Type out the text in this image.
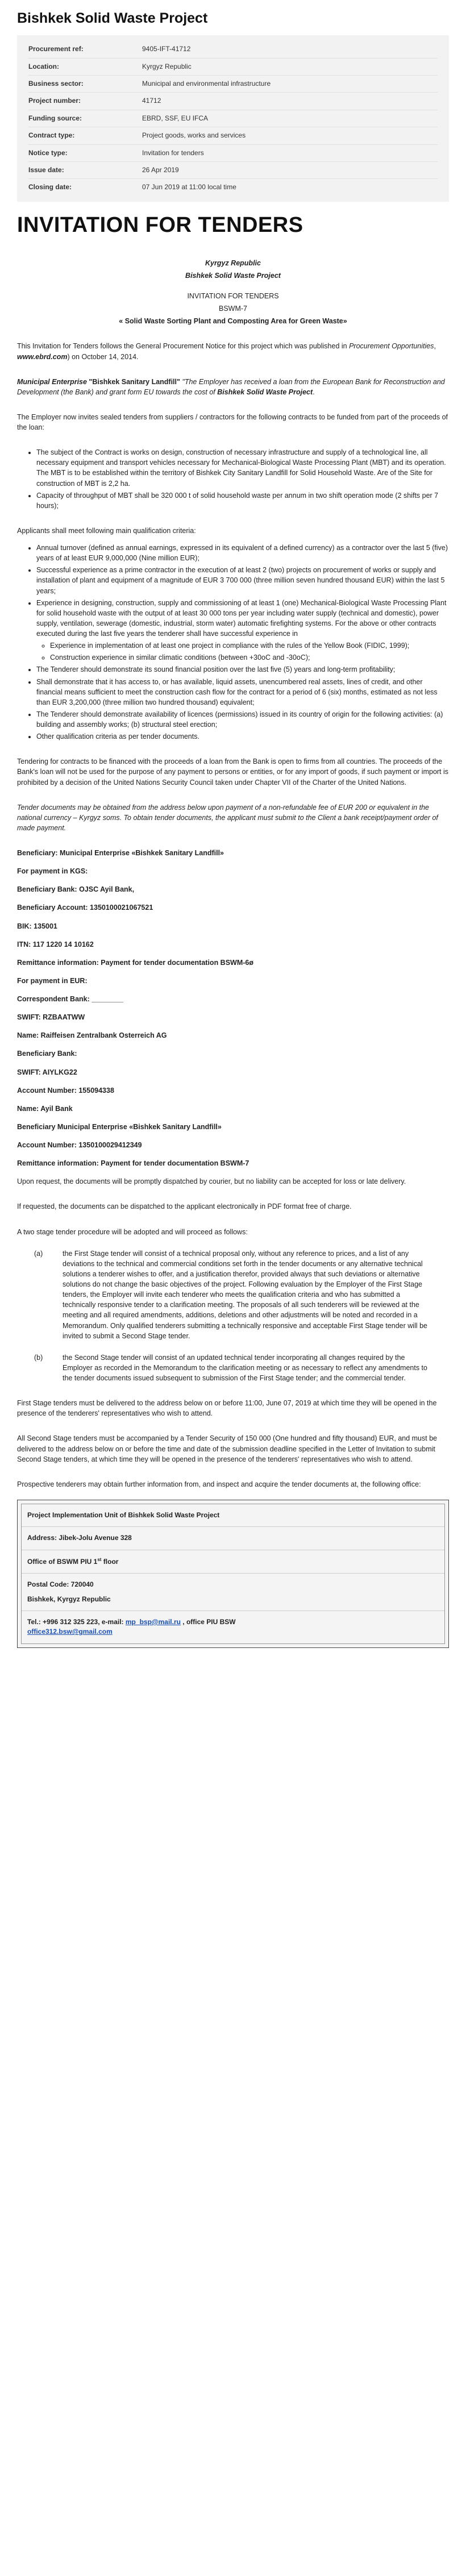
Bishkek Solid Waste Project
Procurement ref:	9405-IFT-41712
Location:	Kyrgyz Republic
Business sector:	Municipal and environmental infrastructure
Project number:	41712
Funding source:	EBRD, SSF, EU IFCA
Contract type:	Project goods, works and services
Notice type:	Invitation for tenders
Issue date:	26 Apr 2019
Closing date:	07 Jun 2019 at 11:00 local time
INVITATION FOR TENDERS

Kyrgyz Republic

Bishkek Solid Waste Project

INVITATION FOR TENDERS

BSWM-7

« Solid Waste Sorting Plant and Composting Area for Green Waste»

This Invitation for Tenders follows the General Procurement Notice for this project which was published in Procurement Opportunities, www.ebrd.com) on October 14, 2014.

Municipal Enterprise "Bishkek Sanitary Landfill" "The Employer has received a loan from the European Bank for Reconstruction and Development (the Bank) and grant form EU towards the cost of Bishkek Solid Waste Project.

The Employer now invites sealed tenders from suppliers / contractors for the following contracts to be funded from part of the proceeds of the loan:

• The subject of the Contract is works on design, construction of necessary infrastructure and supply of a technological line, all necessary equipment and transport vehicles necessary for Mechanical-Biological Waste Processing Plant (MBT) and its operation. The MBT is to be established within the territory of Bishkek City Sanitary Landfill for Solid Household Waste. Are of the Site for construction of MBT is 2,2 ha.
• Capacity of throughput of MBT shall be 320 000 t of solid household waste per annum in two shift operation mode (2 shifts per 7 hours);

Applicants shall meet following main qualification criteria:

• Annual turnover (defined as annual earnings, expressed in its equivalent of a defined currency) as a contractor over the last 5 (five) years of at least EUR 9,000,000 (Nine million EUR);
• Successful experience as a prime contractor in the execution of at least 2 (two) projects on procurement of works or supply and installation of plant and equipment of a magnitude of EUR 3 700 000 (three million seven hundred thousand EUR) within the last 5 years;
• Experience in designing, construction, supply and commissioning of at least 1 (one) Mechanical-Biological Waste Processing Plant for solid household waste with the output of at least 30 000 tons per year including water supply (technical and domestic), power supply, ventilation, sewerage (domestic, industrial, storm water) automatic firefighting systems. For the above or other contracts executed during the last five years the tenderer shall have successful experience in
◦ Experience in implementation of at least one project in compliance with the rules of the Yellow Book (FIDIC, 1999);
◦ Construction experience in similar climatic conditions (between +30oC and -30oC);
• The Tenderer should demonstrate its sound financial position over the last five (5) years and long-term profitability;
• Shall demonstrate that it has access to, or has available, liquid assets, unencumbered real assets, lines of credit, and other financial means sufficient to meet the construction cash flow for the contract for a period of 6 (six) months, estimated as not less than EUR 3,200,000 (three million two hundred thousand) equivalent;
• The Tenderer should demonstrate availability of licences (permissions) issued in its country of origin for the following activities: (a) building and assembly works; (b) structural steel erection;
• Other qualification criteria as per tender documents.

Tendering for contracts to be financed with the proceeds of a loan from the Bank is open to firms from all countries. The proceeds of the Bank's loan will not be used for the purpose of any payment to persons or entities, or for any import of goods, if such payment or import is prohibited by a decision of the United Nations Security Council taken under Chapter VII of the Charter of the United Nations.

Tender documents may be obtained from the address below upon payment of a non-refundable fee of EUR 200 or equivalent in the national currency – Kyrgyz soms. To obtain tender documents, the applicant must submit to the Client a bank receipt/payment order of made payment.

Beneficiary: Municipal Enterprise «Bishkek Sanitary Landfill»

For payment in KGS:

Beneficiary Bank: OJSC Ayil Bank,

Beneficiary Account: 1350100021067521

BIK: 135001

ITN: 117 1220 14 10162

Remittance information: Payment for tender documentation BSWM-6ø

For payment in EUR:

Correspondent Bank: ________

SWIFT: RZBAATWW

Name: Raiffeisen Zentralbank Osterreich AG

Beneficiary Bank:

SWIFT: AIYLKG22

Account Number: 155094338

Name: Ayil Bank

Beneficiary Municipal Enterprise «Bishkek Sanitary Landfill»

Account Number: 1350100029412349

Remittance information: Payment for tender documentation BSWM-7

Upon request, the documents will be promptly dispatched by courier, but no liability can be accepted for loss or late delivery.

If requested, the documents can be dispatched to the applicant electronically in PDF format free of charge.

A two stage tender procedure will be adopted and will proceed as follows:

(a)	the First Stage tender will consist of a technical proposal only, without any reference to prices, and a list of any deviations to the technical and commercial conditions set forth in the tender documents or any alternative technical solutions a tenderer wishes to offer, and a justification therefor, provided always that such deviations or alternative solutions do not change the basic objectives of the project. Following evaluation by the Employer of the First Stage tenders, the Employer will invite each tenderer who meets the qualification criteria and who has submitted a technically responsive tender to a clarification meeting. The proposals of all such tenderers will be reviewed at the meeting and all required amendments, additions, deletions and other adjustments will be noted and recorded in a Memorandum. Only qualified tenderers submitting a technically responsive and acceptable First Stage tender will be invited to submit a Second Stage tender.
(b)	the Second Stage tender will consist of an updated technical tender incorporating all changes required by the Employer as recorded in the Memorandum to the clarification meeting or as necessary to reflect any amendments to the tender documents issued subsequent to submission of the First Stage tender; and the commercial tender.

First Stage tenders must be delivered to the address below on or before 11:00, June 07, 2019 at which time they will be opened in the presence of the tenderers' representatives who wish to attend.

All Second Stage tenders must be accompanied by a Tender Security of 150 000 (One hundred and fifty thousand) EUR, and must be delivered to the address below on or before the time and date of the submission deadline specified in the Letter of Invitation to submit Second Stage tenders, at which time they will be opened in the presence of the tenderers' representatives who wish to attend.

Prospective tenderers may obtain further information from, and inspect and acquire the tender documents at, the following office:

Project Implementation Unit of Bishkek Solid Waste Project
Address: Jibek-Jolu Avenue 328
Office of BSWM PIU 1st floor
Postal Code: 720040
Bishkek, Kyrgyz Republic
Tel.: +996 312 325 223, e-mail: mp_bsp@mail.ru , office PIU BSW
office312.bsw@gmail.com
